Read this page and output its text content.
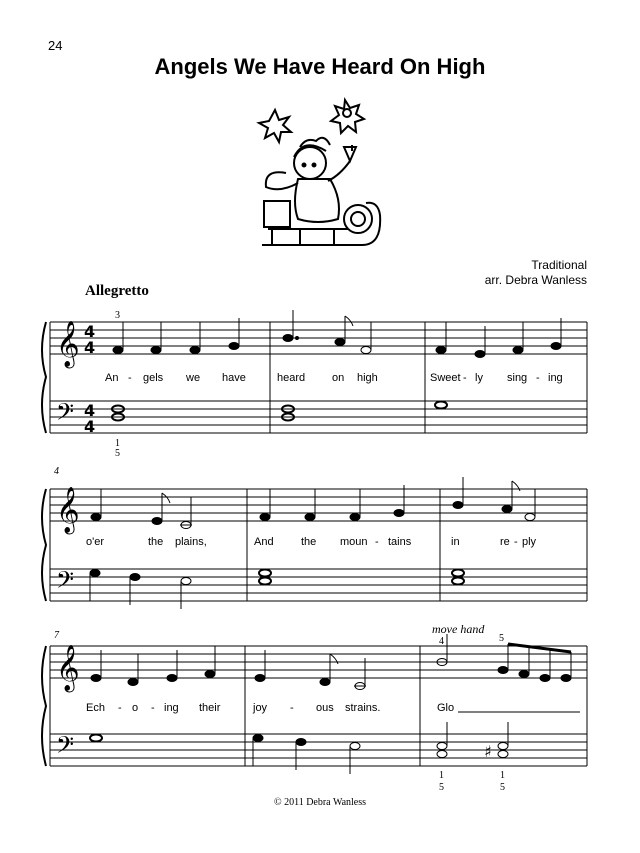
24
Angels We Have Heard On High
Traditional
arr. Debra Wanless
Allegretto
♯
𝄞
𝄢
𝄞
𝄢
𝄞
𝄢
4
4
4
4
3
1
5
An - gels we have	heard on high	Sweet - ly sing - ing
4
o'er	the plains,	And the moun - tains	in	re - ply
7	move hand
4	5
1
5
1
5
Ech - o - ing their	joy - ous strains.	Glo
© 2011 Debra Wanless
